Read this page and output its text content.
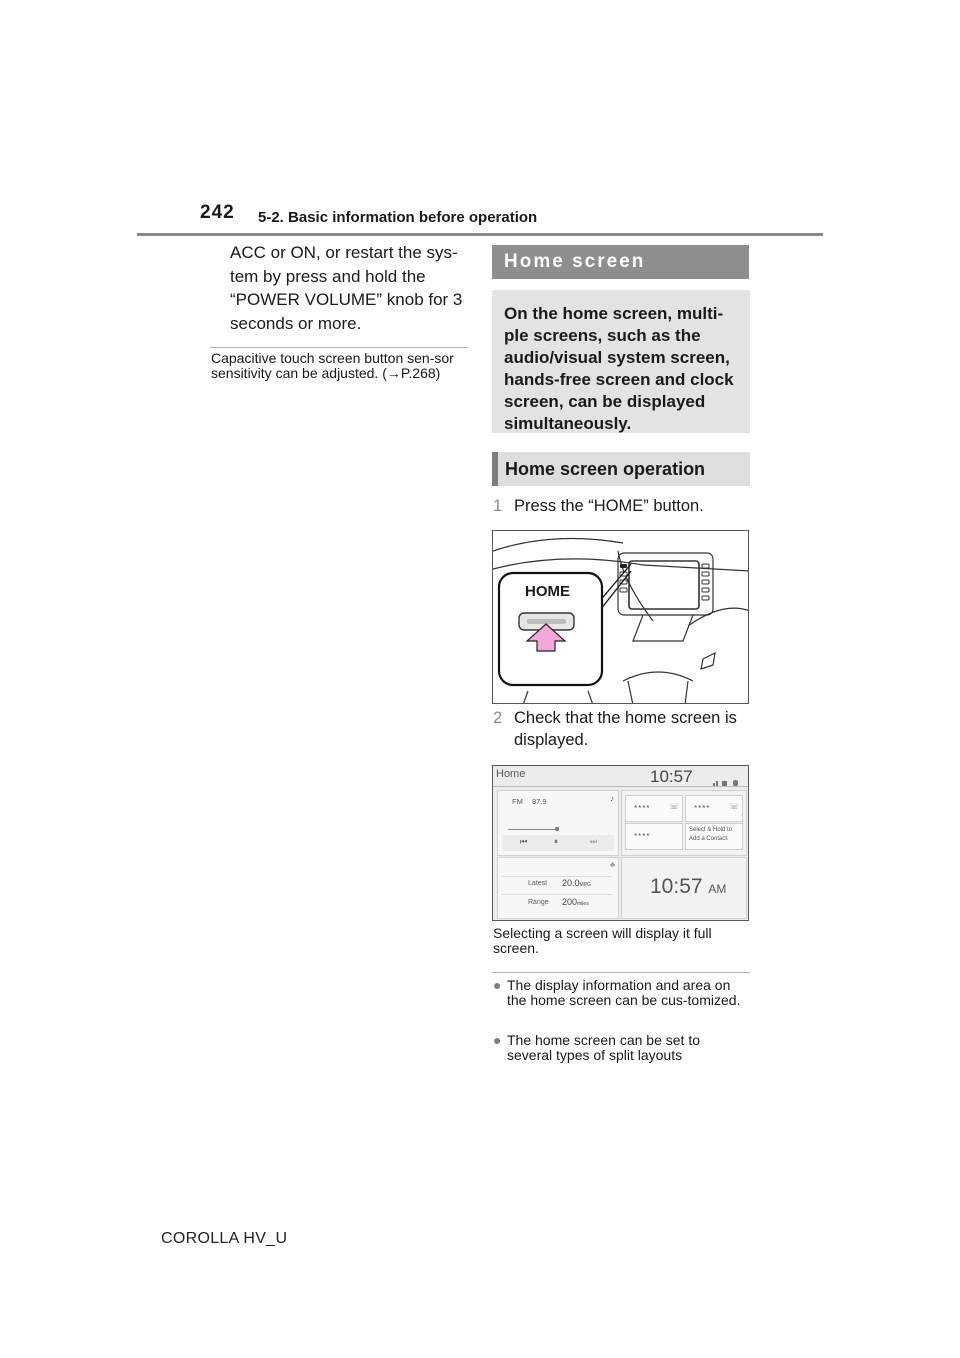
242 5-2. Basic information before operation
ACC or ON, or restart the sys-tem by press and hold the “POWER VOLUME” knob for 3 seconds or more.
Capacitive touch screen button sen-sor sensitivity can be adjusted. (→P.268)
Home screen
On the home screen, multi-ple screens, such as the audio/visual system screen, hands-free screen and clock screen, can be displayed simultaneously.
Home screen operation
1 Press the “HOME” button.
HOME
2 Check that the home screen is displayed.
Home	10:57
FM 87.9	♪
⏮	⏸	⏭
**** ☏ **** ☏
****
Select & Hold to
Add a Contact.
♣
Latest 20.0MPG
Range 200miles
10:57 AM
Selecting a screen will display it full screen.
● The display information and area on the home screen can be cus-tomized.
● The home screen can be set to several types of split layouts
COROLLA HV_U
